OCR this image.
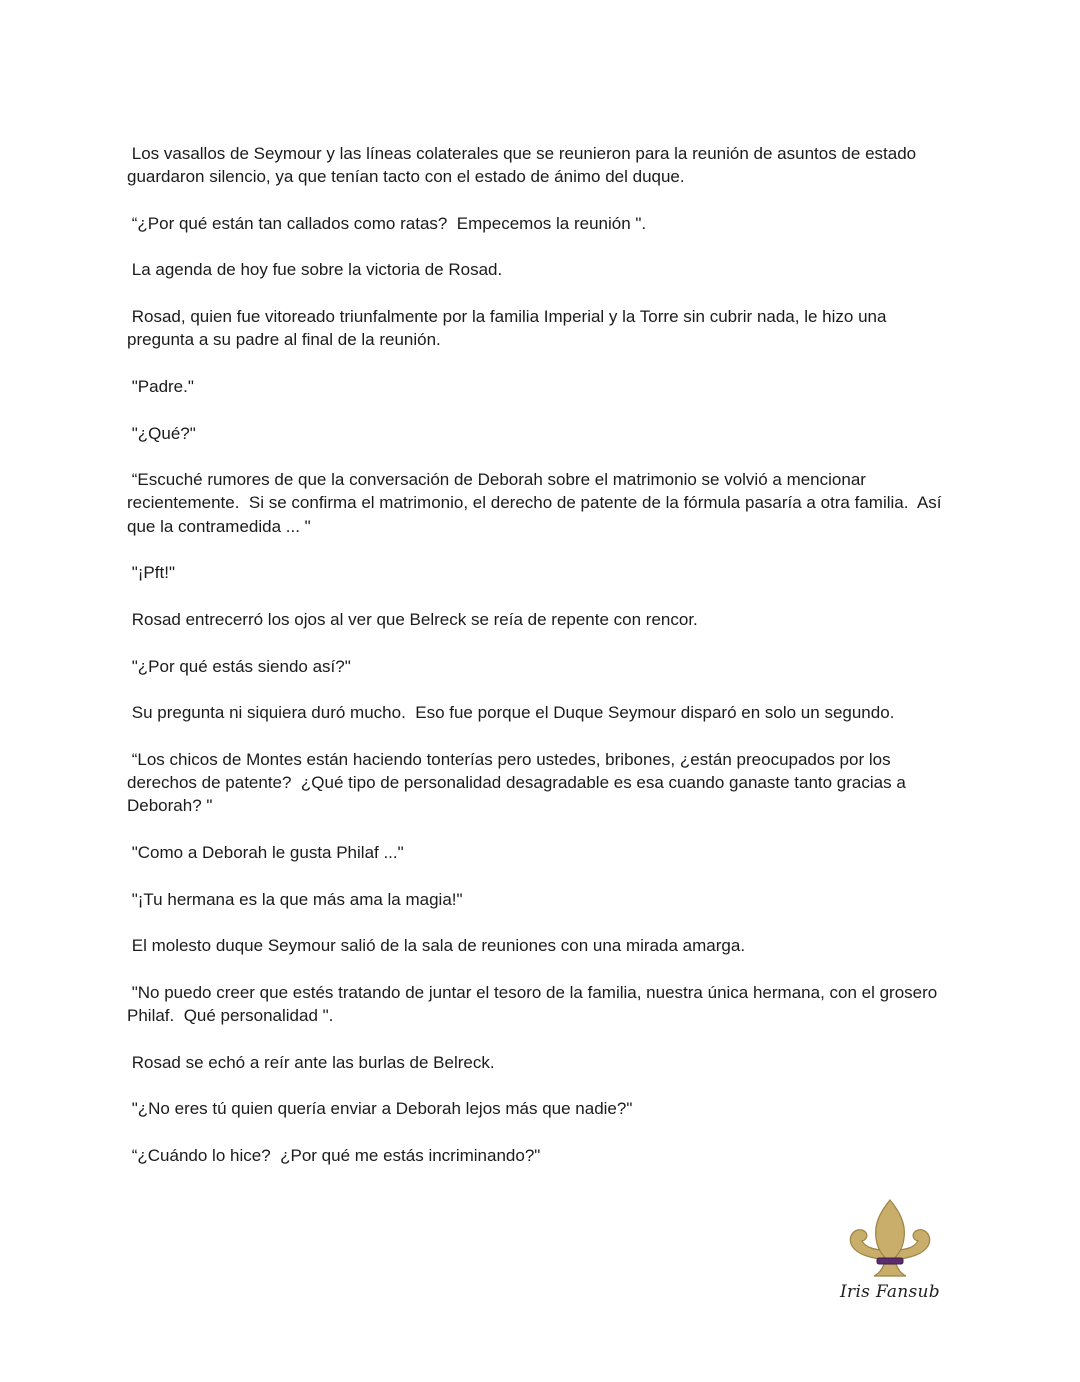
Los vasallos de Seymour y las líneas colaterales que se reunieron para la reunión de asuntos de estado guardaron silencio, ya que tenían tacto con el estado de ánimo del duque.

“¿Por qué están tan callados como ratas?  Empecemos la reunión ".

La agenda de hoy fue sobre la victoria de Rosad.

Rosad, quien fue vitoreado triunfalmente por la familia Imperial y la Torre sin cubrir nada, le hizo una pregunta a su padre al final de la reunión.

"Padre."

"¿Qué?"

“Escuché rumores de que la conversación de Deborah sobre el matrimonio se volvió a mencionar recientemente.  Si se confirma el matrimonio, el derecho de patente de la fórmula pasaría a otra familia.  Así que la contramedida ... "

"¡Pft!"

Rosad entrecerró los ojos al ver que Belreck se reía de repente con rencor.

"¿Por qué estás siendo así?"

Su pregunta ni siquiera duró mucho.  Eso fue porque el Duque Seymour disparó en solo un segundo.

“Los chicos de Montes están haciendo tonterías pero ustedes, bribones, ¿están preocupados por los derechos de patente?  ¿Qué tipo de personalidad desagradable es esa cuando ganaste tanto gracias a Deborah? "

"Como a Deborah le gusta Philaf ..."

"¡Tu hermana es la que más ama la magia!"

El molesto duque Seymour salió de la sala de reuniones con una mirada amarga.

"No puedo creer que estés tratando de juntar el tesoro de la familia, nuestra única hermana, con el grosero Philaf.  Qué personalidad ".

Rosad se echó a reír ante las burlas de Belreck.

"¿No eres tú quien quería enviar a Deborah lejos más que nadie?"

“¿Cuándo lo hice?  ¿Por qué me estás incriminando?"

Iris Fansub
